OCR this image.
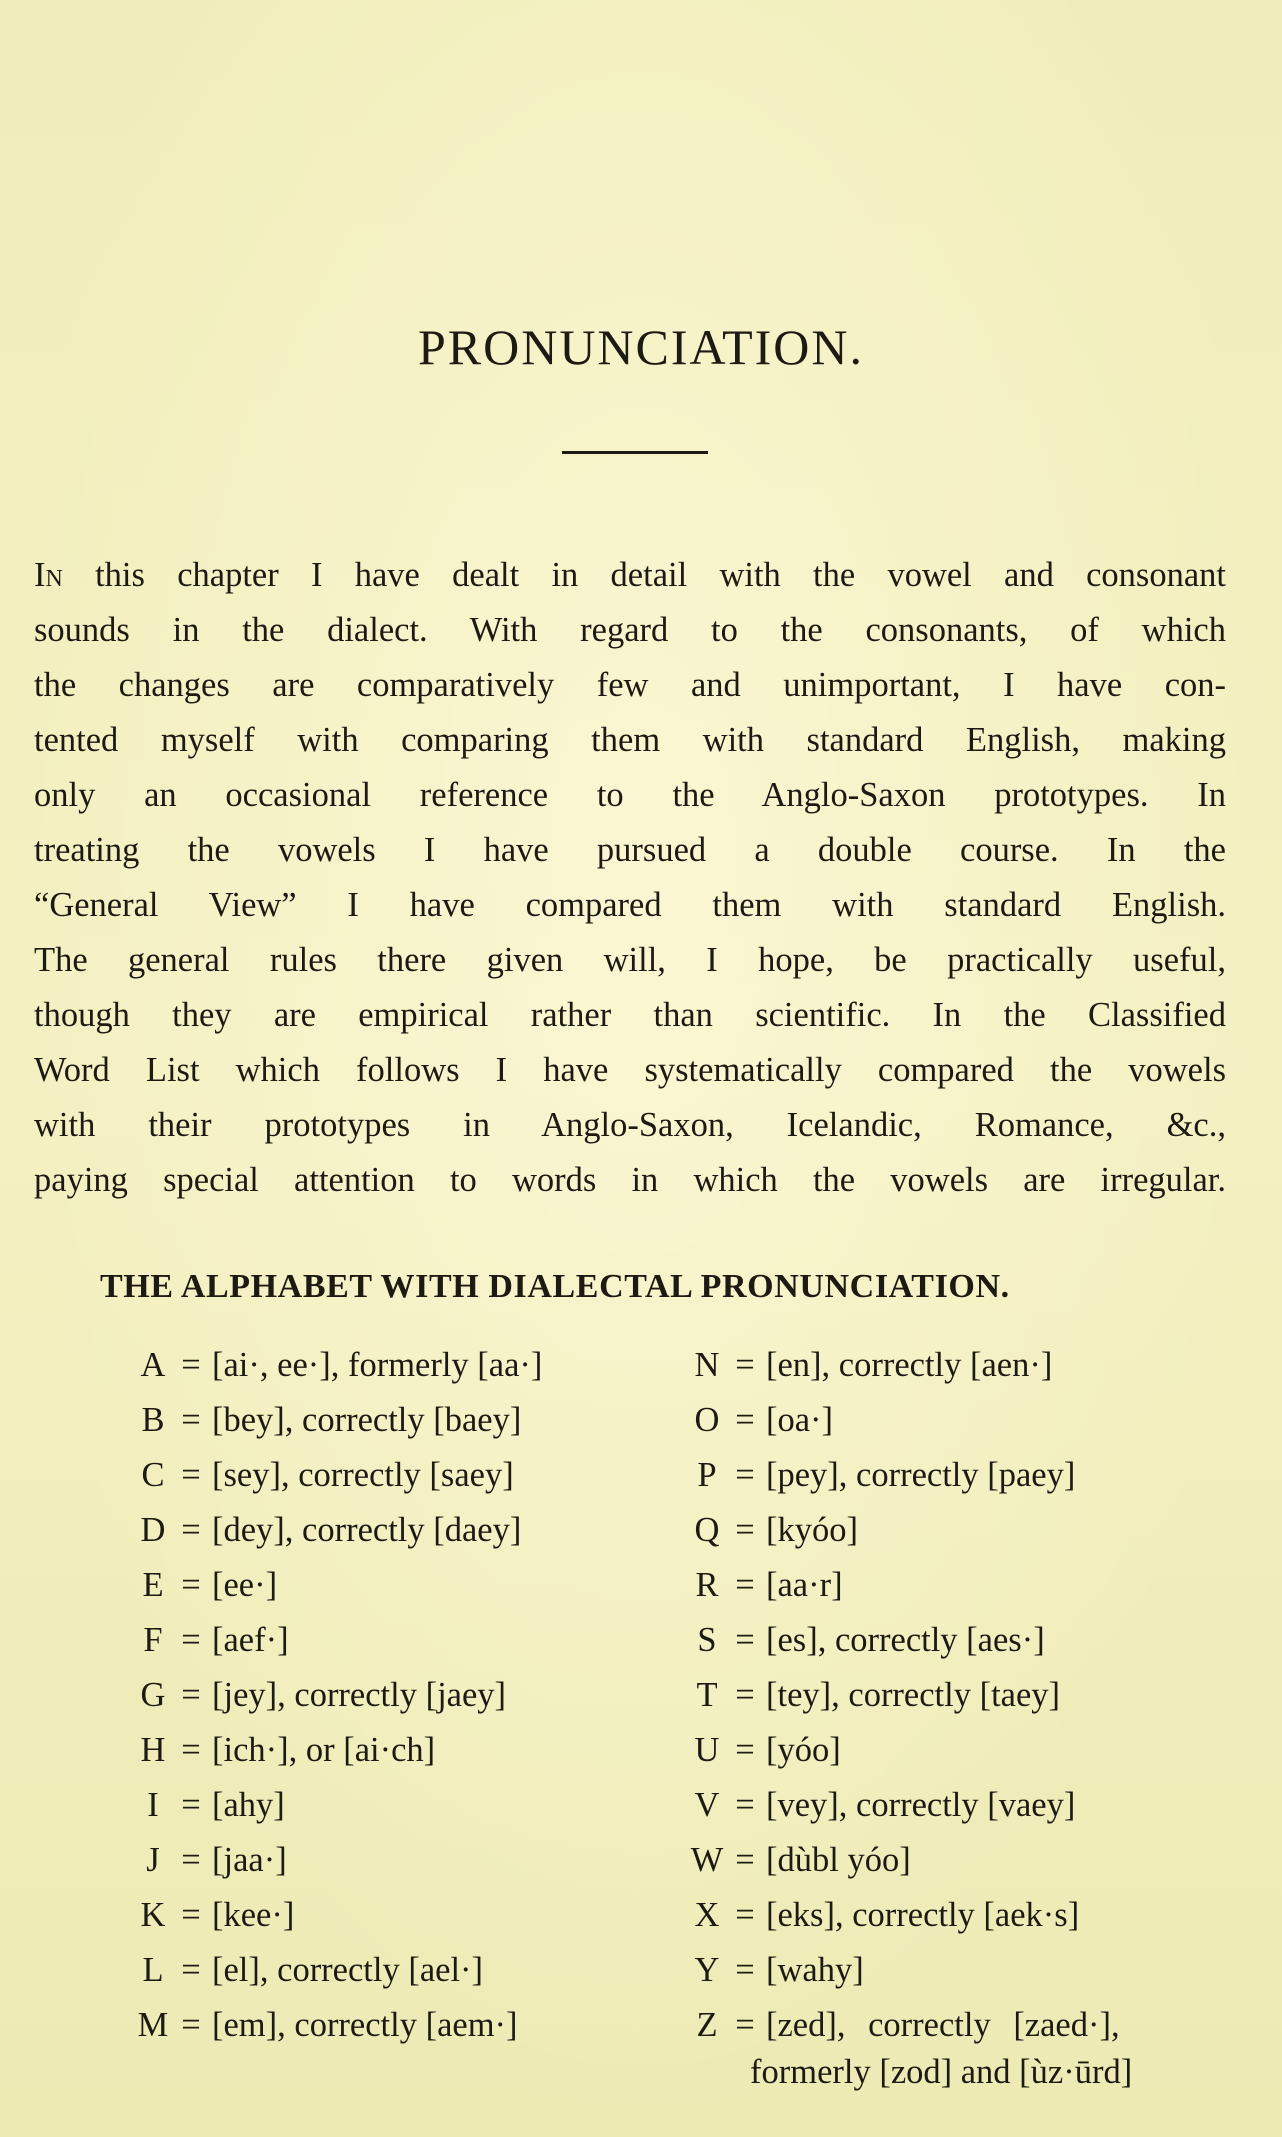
PRONUNCIATION.
In this chapter I have dealt in detail with the vowel and consonant
sounds in the dialect. With regard to the consonants, of which
the changes are comparatively few and unimportant, I have con-
tented myself with comparing them with standard English, making
only an occasional reference to the Anglo-Saxon prototypes. In
treating the vowels I have pursued a double course. In the
“General View” I have compared them with standard English.
The general rules there given will, I hope, be practically useful,
though they are empirical rather than scientific. In the Classified
Word List which follows I have systematically compared the vowels
with their prototypes in Anglo-Saxon, Icelandic, Romance, &c.,
paying special attention to words in which the vowels are irregular.
THE ALPHABET WITH DIALECTAL PRONUNCIATION.
A = [ai·, ee·], formerly [aa·]
B = [bey], correctly [baey]
C = [sey], correctly [saey]
D = [dey], correctly [daey]
E = [ee·]
F = [aef·]
G = [jey], correctly [jaey]
H = [ich·], or [ai·ch]
I = [ahy]
J = [jaa·]
K = [kee·]
L = [el], correctly [ael·]
M = [em], correctly [aem·]
N = [en], correctly [aen·]
O = [oa·]
P = [pey], correctly [paey]
Q = [kyóo]
R = [aa·r]
S = [es], correctly [aes·]
T = [tey], correctly [taey]
U = [yóo]
V = [vey], correctly [vaey]
W = [dùbl yóo]
X = [eks], correctly [aek·s]
Y = [wahy]
Z = [zed], correctly [zaed·],
formerly [zod] and [ùz·ūrd]
